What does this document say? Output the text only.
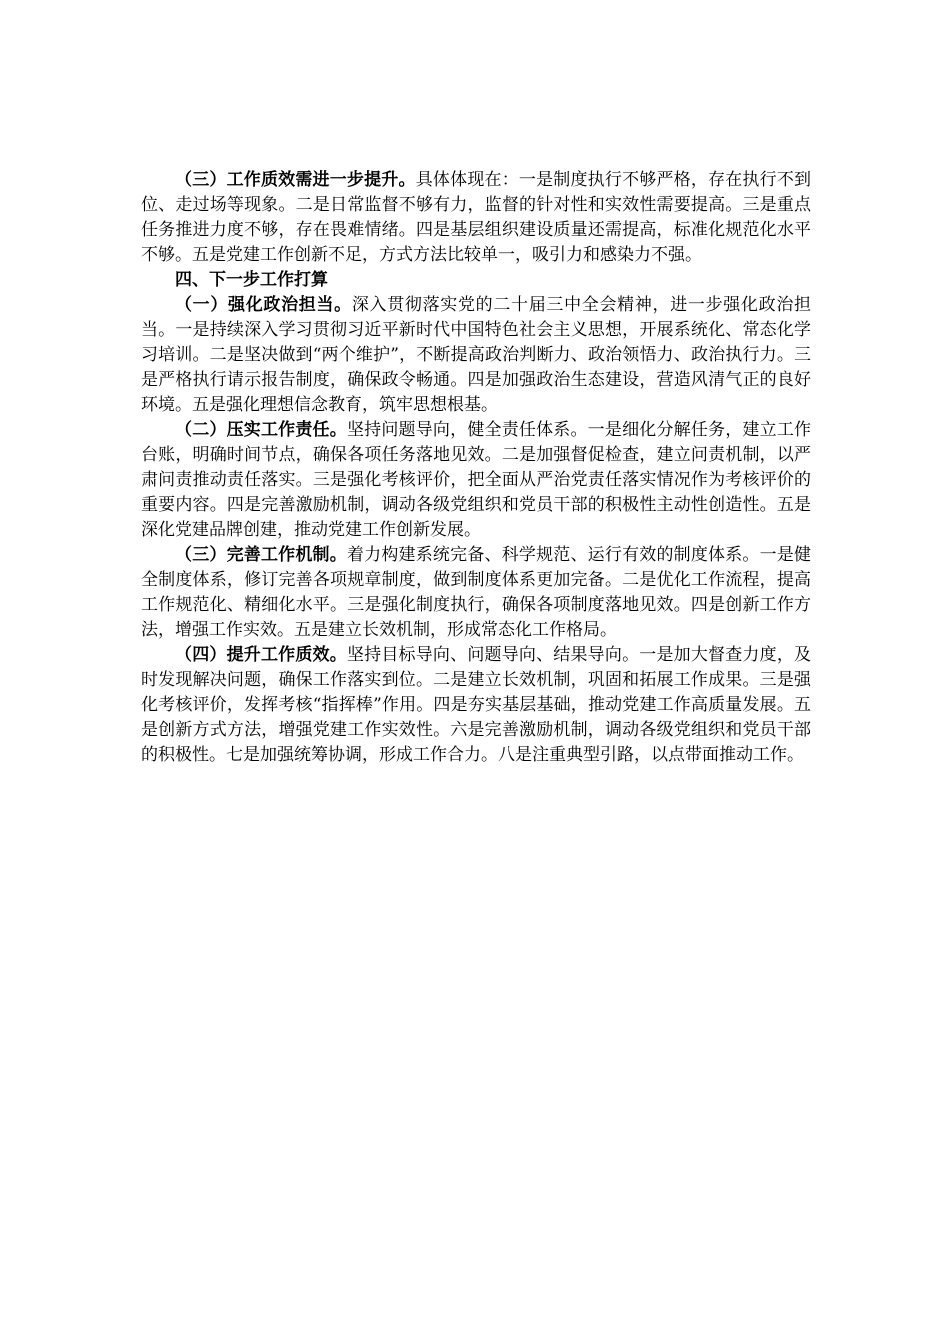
（三）工作质效需进一步提升。具体体现在：一是制度执行不够严格，存在执行不到位、走过场等现象。二是日常监督不够有力，监督的针对性和实效性需要提高。三是重点任务推进力度不够，存在畏难情绪。四是基层组织建设质量还需提高，标准化规范化水平不够。五是党建工作创新不足，方式方法比较单一，吸引力和感染力不强。

四、下一步工作打算

（一）强化政治担当。深入贯彻落实党的二十届三中全会精神，进一步强化政治担当。一是持续深入学习贯彻习近平新时代中国特色社会主义思想，开展系统化、常态化学习培训。二是坚决做到“两个维护”，不断提高政治判断力、政治领悟力、政治执行力。三是严格执行请示报告制度，确保政令畅通。四是加强政治生态建设，营造风清气正的良好环境。五是强化理想信念教育，筑牢思想根基。

（二）压实工作责任。坚持问题导向，健全责任体系。一是细化分解任务，建立工作台账，明确时间节点，确保各项任务落地见效。二是加强督促检查，建立问责机制，以严肃问责推动责任落实。三是强化考核评价，把全面从严治党责任落实情况作为考核评价的重要内容。四是完善激励机制，调动各级党组织和党员干部的积极性主动性创造性。五是深化党建品牌创建，推动党建工作创新发展。

（三）完善工作机制。着力构建系统完备、科学规范、运行有效的制度体系。一是健全制度体系，修订完善各项规章制度，做到制度体系更加完备。二是优化工作流程，提高工作规范化、精细化水平。三是强化制度执行，确保各项制度落地见效。四是创新工作方法，增强工作实效。五是建立长效机制，形成常态化工作格局。

（四）提升工作质效。坚持目标导向、问题导向、结果导向。一是加大督查力度，及时发现解决问题，确保工作落实到位。二是建立长效机制，巩固和拓展工作成果。三是强化考核评价，发挥考核“指挥棒”作用。四是夯实基层基础，推动党建工作高质量发展。五是创新方式方法，增强党建工作实效性。六是完善激励机制，调动各级党组织和党员干部的积极性。七是加强统筹协调，形成工作合力。八是注重典型引路，以点带面推动工作。
